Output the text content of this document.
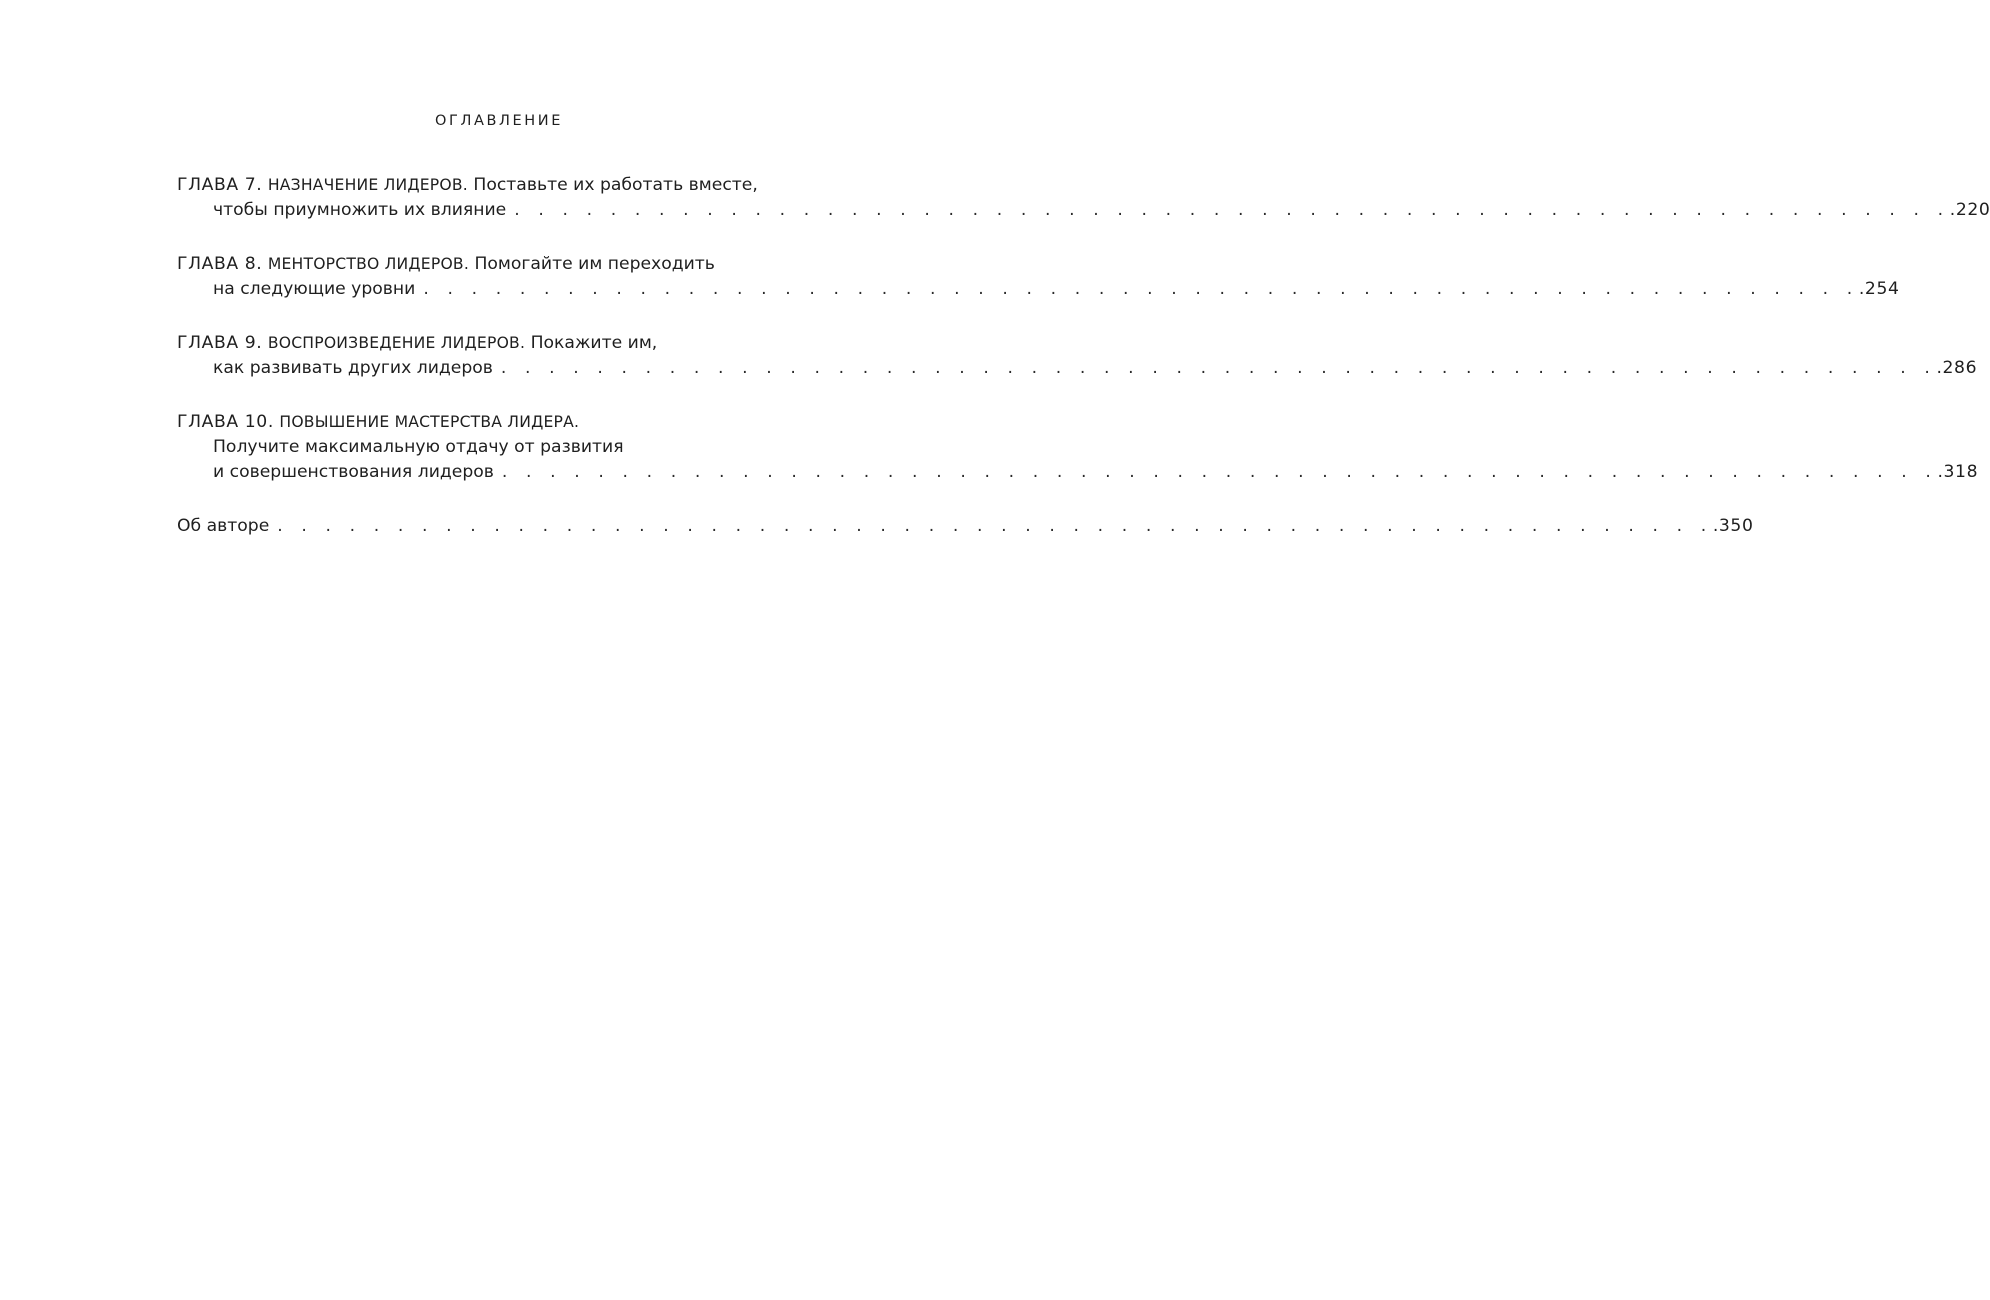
ОГЛАВЛЕНИЕ
ГЛАВА 7. НАЗНАЧЕНИЕ ЛИДЕРОВ. Поставьте их работать вместе,
чтобы приумножить их влияние . . . . . . . . . . . . . . . . . . . . . . . . . . . . . . . . . . . . . . . . . . . . . . . . . . . . . . . . . . . . .220
ГЛАВА 8. МЕНТОРСТВО ЛИДЕРОВ. Помогайте им переходить
на следующие уровни . . . . . . . . . . . . . . . . . . . . . . . . . . . . . . . . . . . . . . . . . . . . . . . . . . . . . . . . . . . . .254
ГЛАВА 9. ВОСПРОИЗВЕДЕНИЕ ЛИДЕРОВ. Покажите им,
как развивать других лидеров . . . . . . . . . . . . . . . . . . . . . . . . . . . . . . . . . . . . . . . . . . . . . . . . . . . . . . . . . . . . .286
ГЛАВА 10. ПОВЫШЕНИЕ МАСТЕРСТВА ЛИДЕРА.
Получите максимальную отдачу от развития
и совершенствования лидеров . . . . . . . . . . . . . . . . . . . . . . . . . . . . . . . . . . . . . . . . . . . . . . . . . . . . . . . . . . . . .318
Об авторе . . . . . . . . . . . . . . . . . . . . . . . . . . . . . . . . . . . . . . . . . . . . . . . . . . . . . . . . . . . . .350
